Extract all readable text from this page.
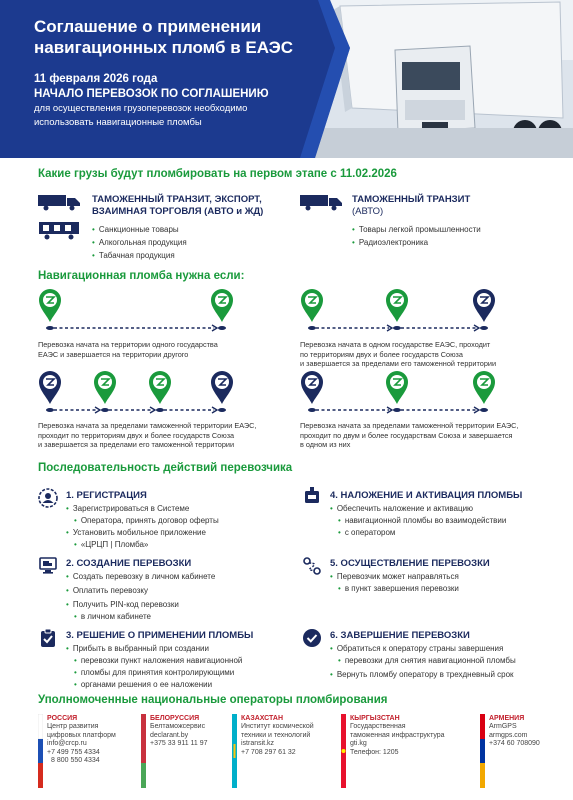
Соглашение о применении
навигационных пломб в ЕАЭС
11 февраля 2026 года
НАЧАЛО ПЕРЕВОЗОК ПО СОГЛАШЕНИЮ
для осуществления грузоперевозок необходимо
использовать навигационные пломбы
Какие грузы будут пломбировать на первом этапе с 11.02.2026
ТАМОЖЕННЫЙ ТРАНЗИТ, ЭКСПОРТ,
ВЗАИМНАЯ ТОРГОВЛЯ (АВТО и ЖД)
• Санкционные товары
• Алкогольная продукция
• Табачная продукция
ТАМОЖЕННЫЙ ТРАНЗИТ
(АВТО)
• Товары легкой промышленности
• Радиоэлектроника
Навигационная пломба нужна если:
Перевозка начата на территории одного государства
ЕАЭС и завершается на территории другого
Перевозка начата в одном государстве ЕАЭС, проходит
по территориям двух и более государств Союза
и завершается за пределами его таможенной территории
Перевозка начата за пределами таможенной территории ЕАЭС,
проходит по территориям двух и более государств Союза
и завершается за пределами его таможенной территории
Перевозка начата за пределами таможенной территории ЕАЭС,
проходит по двум и более государствам Союза и завершается
в одном из них
Последовательность действий перевозчика
1. РЕГИСТРАЦИЯ
• Зарегистрироваться в Системе
• Оператора, принять договор оферты
• Установить мобильное приложение
• «ЦРЦП | Пломба»
2. СОЗДАНИЕ ПЕРЕВОЗКИ
• Создать перевозку в личном кабинете
• Оплатить перевозку
• Получить PIN-код перевозки
• в личном кабинете
3. РЕШЕНИЕ О ПРИМЕНЕНИИ ПЛОМБЫ
• Прибыть в выбранный при создании
• перевозки пункт наложения навигационной
• пломбы для принятия контролирующими
• органами решения о ее наложении
4. НАЛОЖЕНИЕ И АКТИВАЦИЯ ПЛОМБЫ
• Обеспечить наложение и активацию
• навигационной пломбы во взаимодействии
• с оператором
5. ОСУЩЕСТВЛЕНИЕ ПЕРЕВОЗКИ
• Перевозчик может направляться
• в пункт завершения перевозки
6. ЗАВЕРШЕНИЕ ПЕРЕВОЗКИ
• Обратиться к оператору страны завершения
• перевозки для снятия навигационной пломбы
• Вернуть пломбу оператору в трехдневный срок
Уполномоченные национальные операторы пломбирования
РОССИЯ
Центр развития
цифровых платформ
info@crcp.ru
+7 499 755 4334
8 800 550 4334
БЕЛОРУССИЯ
Белтаможсервис
declarant.by
+375 33 911 11 97
КАЗАХСТАН
Институт космической
техники и технологий
istransit.kz
+7 708 297 61 32
КЫРГЫЗСТАН
Государственная
таможенная инфраструктура
gti.kg
Телефон: 1205
АРМЕНИЯ
ArmGPS
armgps.com
+374 60 708090
